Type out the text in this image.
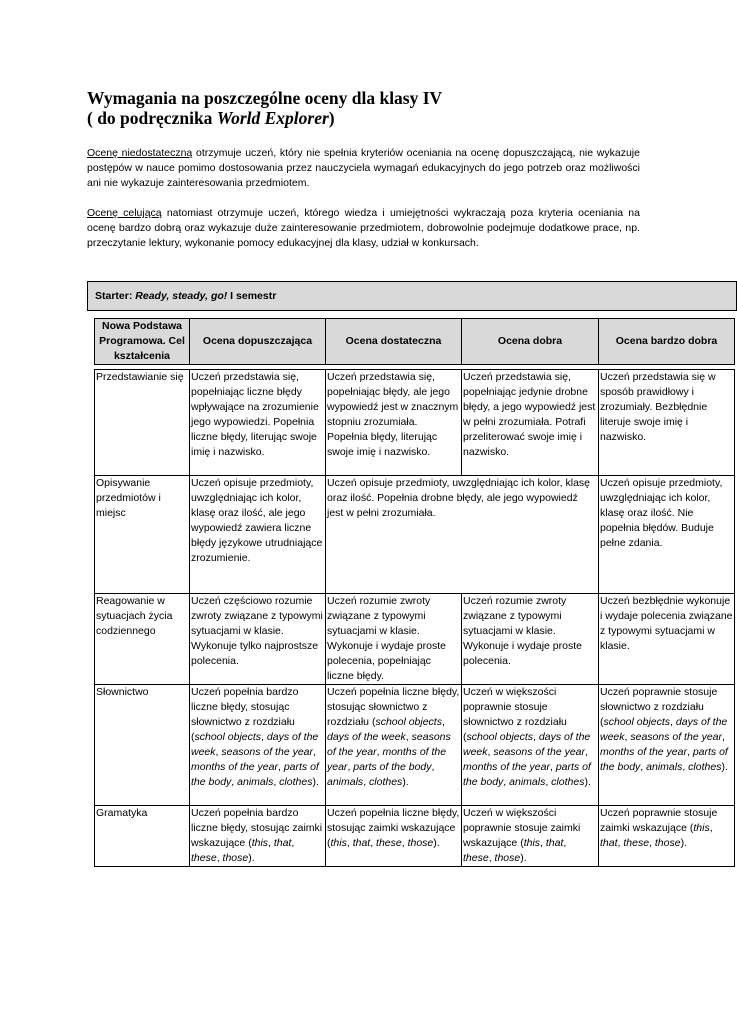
Wymagania na poszczególne oceny dla klasy IV
( do podręcznika World Explorer)

Ocenę niedostateczną otrzymuje uczeń, który nie spełnia kryteriów oceniania na ocenę dopuszczającą, nie wykazuje postępów w nauce pomimo dostosowania przez nauczyciela wymagań edukacyjnych do jego potrzeb oraz możliwości ani nie wykazuje zainteresowania przedmiotem.

Ocenę celującą natomiast otrzymuje uczeń, którego wiedza i umiejętności wykraczają poza kryteria oceniania na ocenę bardzo dobrą oraz wykazuje duże zainteresowanie przedmiotem, dobrowolnie podejmuje dodatkowe prace, np. przeczytanie lektury, wykonanie pomocy edukacyjnej dla klasy, udział w konkursach.

Starter: Ready, steady, go! I semestr
Nowa Podstawa Programowa. Cel kształcenia	Ocena dopuszczająca	Ocena dostateczna	Ocena dobra	Ocena bardzo dobra
Przedstawianie się	Uczeń przedstawia się, popełniając liczne błędy wpływające na zrozumienie jego wypowiedzi. Popełnia liczne błędy, literując swoje imię i nazwisko.	Uczeń przedstawia się, popełniając błędy, ale jego wypowiedź jest w znacznym stopniu zrozumiała. Popełnia błędy, literując swoje imię i nazwisko.	Uczeń przedstawia się, popełniając jedynie drobne błędy, a jego wypowiedź jest w pełni zrozumiała. Potrafi przeliterować swoje imię i nazwisko.	Uczeń przedstawia się w sposób prawidłowy i zrozumiały. Bezbłędnie literuje swoje imię i nazwisko.
Opisywanie przedmiotów i miejsc	Uczeń opisuje przedmioty, uwzględniając ich kolor, klasę oraz ilość, ale jego wypowiedź zawiera liczne błędy językowe utrudniające zrozumienie.	Uczeń opisuje przedmioty, uwzględniając ich kolor, klasę oraz ilość. Popełnia drobne błędy, ale jego wypowiedź jest w pełni zrozumiała.		Uczeń opisuje przedmioty, uwzględniając ich kolor, klasę oraz ilość. Nie popełnia błędów. Buduje pełne zdania.
Reagowanie w sytuacjach życia codziennego	Uczeń częściowo rozumie zwroty związane z typowymi sytuacjami w klasie. Wykonuje tylko najprostsze polecenia.	Uczeń rozumie zwroty związane z typowymi sytuacjami w klasie. Wykonuje i wydaje proste polecenia, popełniając liczne błędy.	Uczeń rozumie zwroty związane z typowymi sytuacjami w klasie. Wykonuje i wydaje proste polecenia.	Uczeń bezbłędnie wykonuje i wydaje polecenia związane z typowymi sytuacjami w klasie.
Słownictwo	Uczeń popełnia bardzo liczne błędy, stosując słownictwo z rozdziału (school objects, days of the week, seasons of the year, months of the year, parts of the body, animals, clothes).	Uczeń popełnia liczne błędy, stosując słownictwo z rozdziału (school objects, days of the week, seasons of the year, months of the year, parts of the body, animals, clothes).	Uczeń w większości poprawnie stosuje słownictwo z rozdziału (school objects, days of the week, seasons of the year, months of the year, parts of the body, animals, clothes).	Uczeń poprawnie stosuje słownictwo z rozdziału (school objects, days of the week, seasons of the year, months of the year, parts of the body, animals, clothes).
Gramatyka	Uczeń popełnia bardzo liczne błędy, stosując zaimki wskazujące (this, that, these, those).	Uczeń popełnia liczne błędy, stosując zaimki wskazujące (this, that, these, those).	Uczeń w większości poprawnie stosuje zaimki wskazujące (this, that, these, those).	Uczeń poprawnie stosuje zaimki wskazujące (this, that, these, those).
